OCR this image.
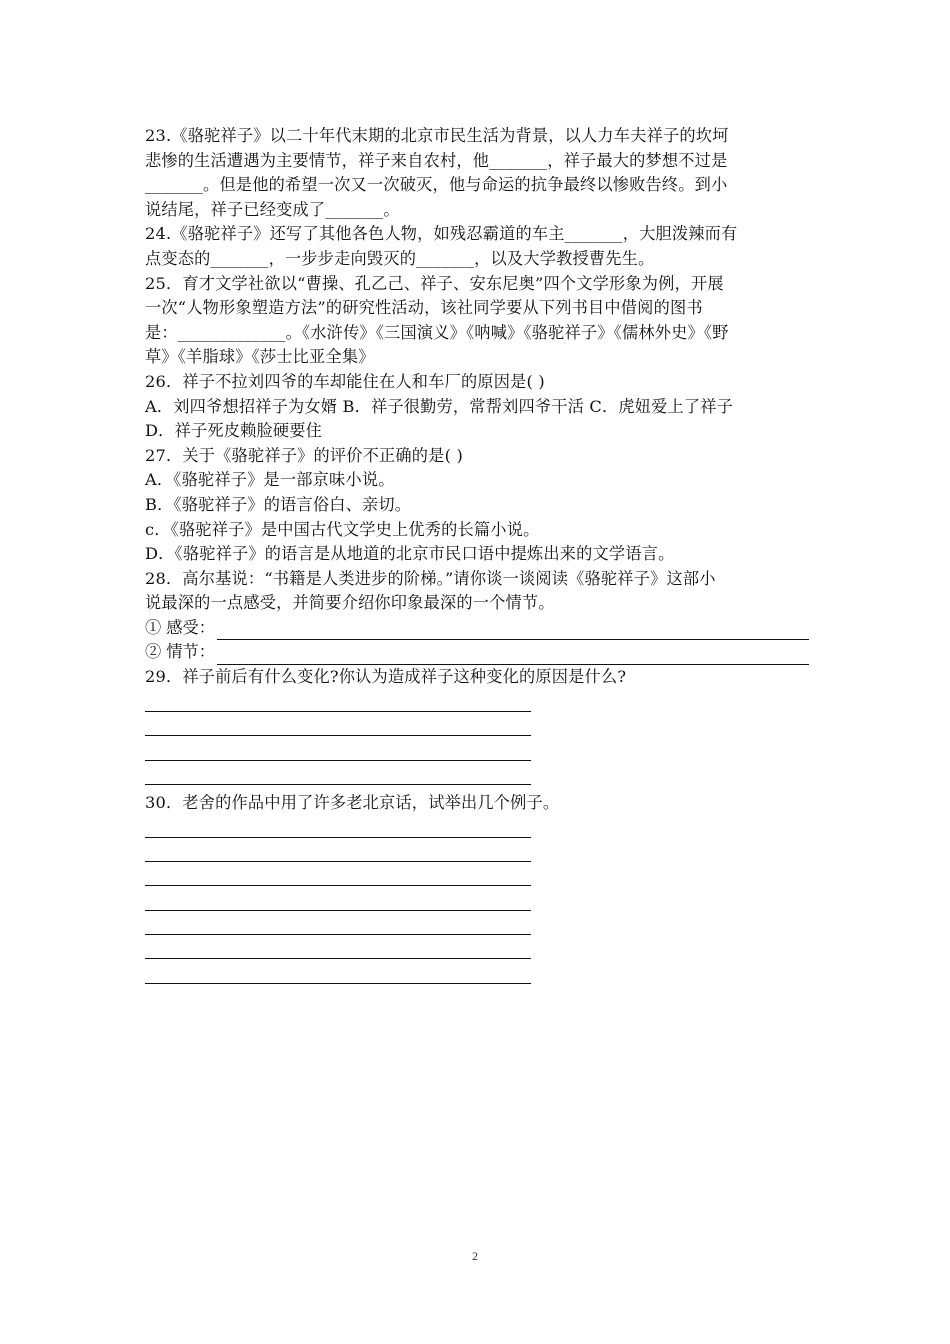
23.《骆驼祥子》以二十年代末期的北京市民生活为背景，以人力车夫祥子的坎坷
悲惨的生活遭遇为主要情节，祥子来自农村，他_______，祥子最大的梦想不过是
_______。但是他的希望一次又一次破灭，他与命运的抗争最终以惨败告终。到小
说结尾，祥子已经变成了_______。
24.《骆驼祥子》还写了其他各色人物，如残忍霸道的车主_______，大胆泼辣而有
点变态的_______，一步步走向毁灭的_______，以及大学教授曹先生。
25．育才文学社欲以“曹操、孔乙己、祥子、安东尼奥”四个文学形象为例，开展
一次“人物形象塑造方法”的研究性活动，该社同学要从下列书目中借阅的图书
是：_____________。《水浒传》《三国演义》《呐喊》《骆驼祥子》《儒林外史》《野
草》《羊脂球》《莎士比亚全集》
26．祥子不拉刘四爷的车却能住在人和车厂的原因是( )
A．刘四爷想招祥子为女婿 B．祥子很勤劳，常帮刘四爷干活 C．虎妞爱上了祥子
D．祥子死皮赖脸硬要住
27．关于《骆驼祥子》的评价不正确的是( )
A．《骆驼祥子》是一部京味小说。
B．《骆驼祥子》的语言俗白、亲切。
c．《骆驼祥子》是中国古代文学史上优秀的长篇小说。
D．《骆驼祥子》的语言是从地道的北京市民口语中提炼出来的文学语言。
28．高尔基说：“书籍是人类进步的阶梯。”请你谈一谈阅读《骆驼祥子》这部小
说最深的一点感受，并简要介绍你印象最深的一个情节。
① 感受：
② 情节：
29．祥子前后有什么变化?你认为造成祥子这种变化的原因是什么?
30．老舍的作品中用了许多老北京话，试举出几个例子。
2
